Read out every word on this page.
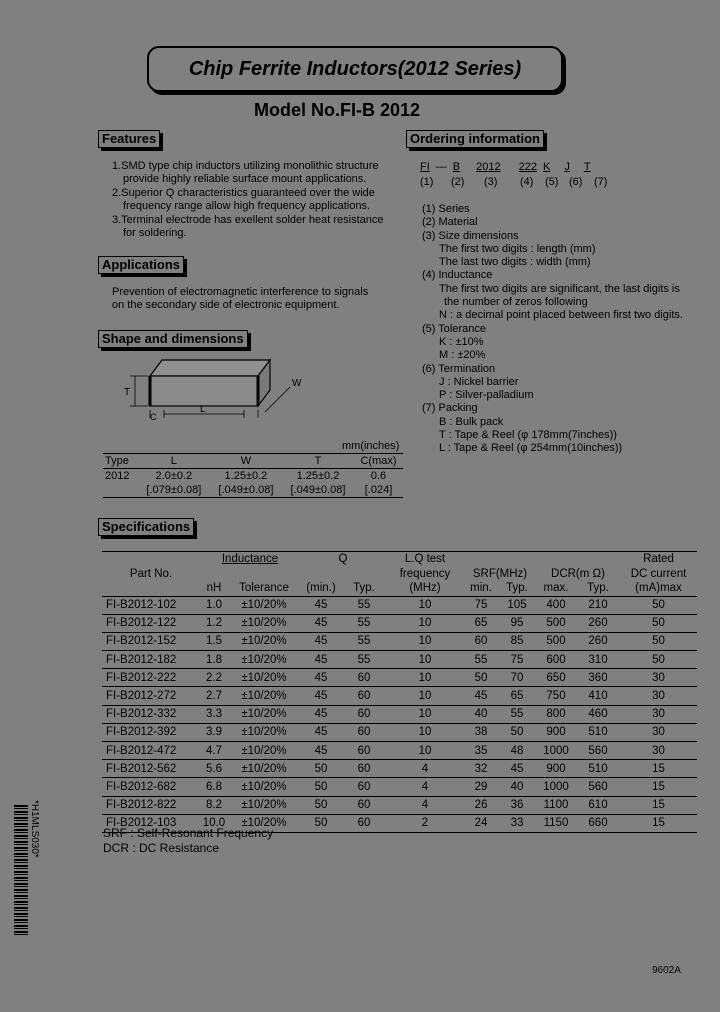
Chip Ferrite Inductors(2012 Series)
Model No.FI-B 2012
Features
1.SMD type chip inductors utilizing monolithic structure
provide highly reliable surface mount applications.
2.Superior Q characteristics guaranteed over the wide
frequency range allow high frequency applications.
3.Terminal electrode has exellent solder heat resistance
for soldering.
Applications
Prevention of electromagnetic interference to signals
on the secondary side of electronic equipment.
Shape and dimensions
T
L
W
C
mm(inches)
Type	L	W	T	C(max)
2012	2.0±0.2	1.25±0.2	1.25±0.2	0.6
	[.079±0.08]	[.049±0.08]	[.049±0.08]	[.024]
Ordering information
FI — B 2012 222 K J T
(1) (2) (3) (4) (5) (6) (7)
(1) Series
(2) Material
(3) Size dimensions
The first two digits : length (mm)
The last two digits : width (mm)
(4) Inductance
The first two digits are significant, the last digits is
the number of zeros following
N : a decimal point placed between first two digits.
(5) Tolerance
K : ±10%
M : ±20%
(6) Termination
J : Nickel barrier
P : Silver-palladium
(7) Packing
B : Bulk pack
T : Tape & Reel (φ 178mm(7inches))
L : Tape & Reel (φ 254mm(10inches))
Specifications
	Inductance		Q		L.Q test					Rated
Part No.					frequency	SRF(MHz)		DCR(m Ω)		DC current
	nH	Tolerance	(min.)	Typ.	(MHz)	min.	Typ.	max.	Typ.	(mA)max
FI-B2012-102	1.0	±10/20%	45	55	10	75	105	400	210	50
FI-B2012-122	1.2	±10/20%	45	55	10	65	95	500	260	50
FI-B2012-152	1.5	±10/20%	45	55	10	60	85	500	260	50
FI-B2012-182	1.8	±10/20%	45	55	10	55	75	600	310	50
FI-B2012-222	2.2	±10/20%	45	60	10	50	70	650	360	30
FI-B2012-272	2.7	±10/20%	45	60	10	45	65	750	410	30
FI-B2012-332	3.3	±10/20%	45	60	10	40	55	800	460	30
FI-B2012-392	3.9	±10/20%	45	60	10	38	50	900	510	30
FI-B2012-472	4.7	±10/20%	45	60	10	35	48	1000	560	30
FI-B2012-562	5.6	±10/20%	50	60	4	32	45	900	510	15
FI-B2012-682	6.8	±10/20%	50	60	4	29	40	1000	560	15
FI-B2012-822	8.2	±10/20%	50	60	4	26	36	1100	610	15
FI-B2012-103	10.0	±10/20%	50	60	2	24	33	1150	660	15
SRF : Self-Resonant Frequency
DCR : DC Resistance
*H1MLS030*
9602A
